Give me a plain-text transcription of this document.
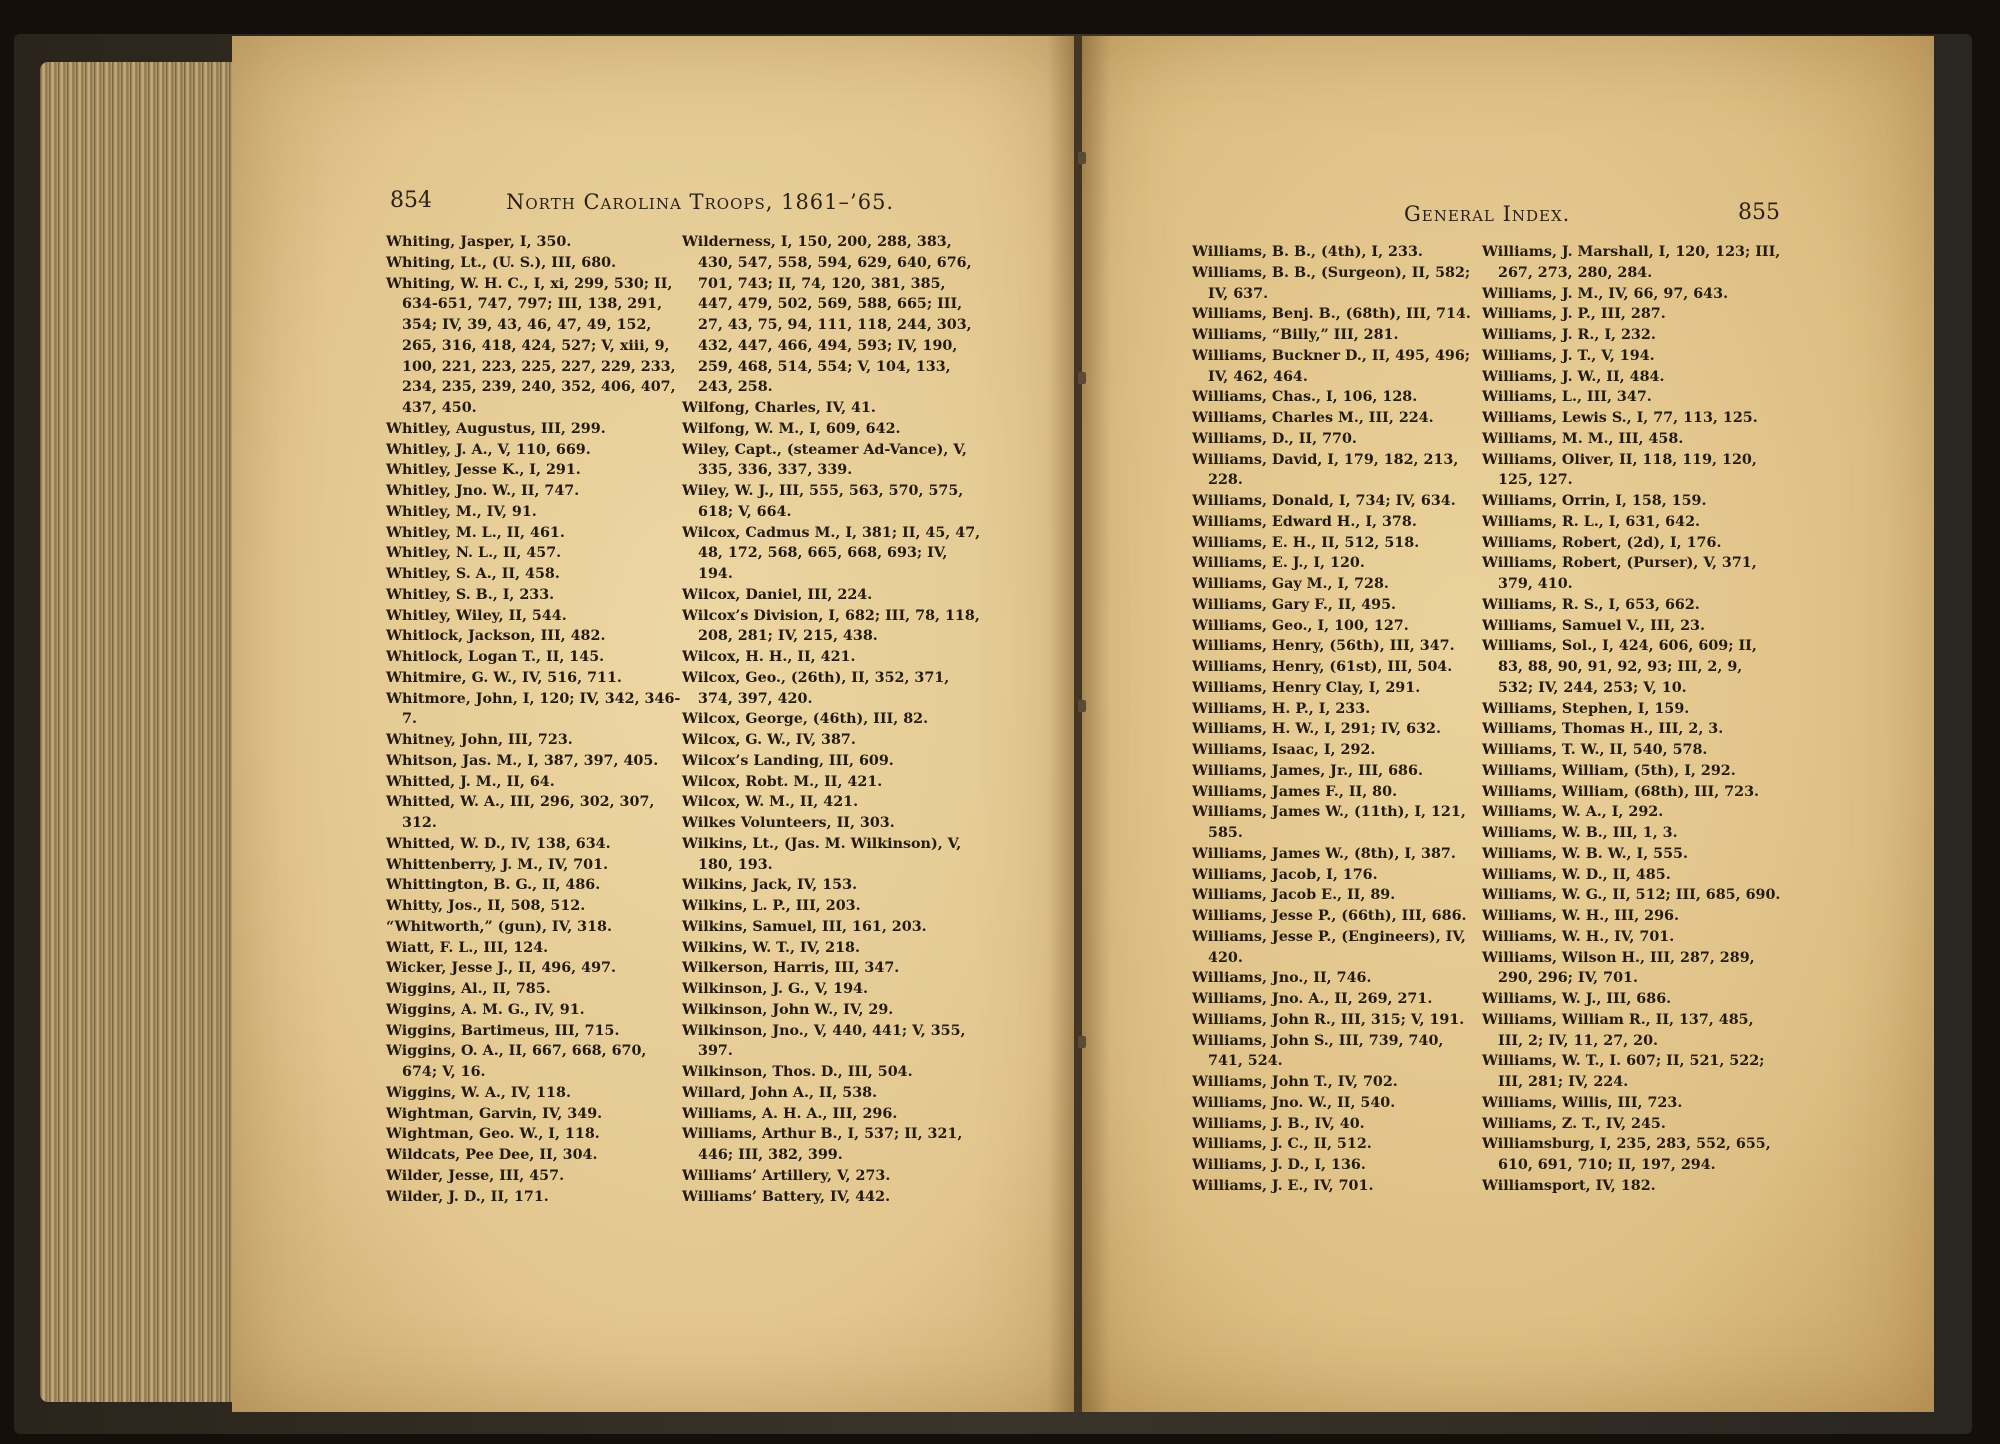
854	North Carolina Troops, 1861–’65.	General Index.	855
Whiting, Jasper, I, 350.
Whiting, Lt., (U. S.), III, 680.
Whiting, W. H. C., I, xi, 299, 530; II, 634-651, 747, 797; III, 138, 291, 354; IV, 39, 43, 46, 47, 49, 152, 265, 316, 418, 424, 527; V, xiii, 9, 100, 221, 223, 225, 227, 229, 233, 234, 235, 239, 240, 352, 406, 407, 437, 450.
Whitley, Augustus, III, 299.
Whitley, J. A., V, 110, 669.
Whitley, Jesse K., I, 291.
Whitley, Jno. W., II, 747.
Whitley, M., IV, 91.
Whitley, M. L., II, 461.
Whitley, N. L., II, 457.
Whitley, S. A., II, 458.
Whitley, S. B., I, 233.
Whitley, Wiley, II, 544.
Whitlock, Jackson, III, 482.
Whitlock, Logan T., II, 145.
Whitmire, G. W., IV, 516, 711.
Whitmore, John, I, 120; IV, 342, 346-7.
Whitney, John, III, 723.
Whitson, Jas. M., I, 387, 397, 405.
Whitted, J. M., II, 64.
Whitted, W. A., III, 296, 302, 307, 312.
Whitted, W. D., IV, 138, 634.
Whittenberry, J. M., IV, 701.
Whittington, B. G., II, 486.
Whitty, Jos., II, 508, 512.
“Whitworth,” (gun), IV, 318.
Wiatt, F. L., III, 124.
Wicker, Jesse J., II, 496, 497.
Wiggins, Al., II, 785.
Wiggins, A. M. G., IV, 91.
Wiggins, Bartimeus, III, 715.
Wiggins, O. A., II, 667, 668, 670, 674; V, 16.
Wiggins, W. A., IV, 118.
Wightman, Garvin, IV, 349.
Wightman, Geo. W., I, 118.
Wildcats, Pee Dee, II, 304.
Wilder, Jesse, III, 457.
Wilder, J. D., II, 171.
Wilderness, I, 150, 200, 288, 383, 430, 547, 558, 594, 629, 640, 676, 701, 743; II, 74, 120, 381, 385, 447, 479, 502, 569, 588, 665; III, 27, 43, 75, 94, 111, 118, 244, 303, 432, 447, 466, 494, 593; IV, 190, 259, 468, 514, 554; V, 104, 133, 243, 258.
Wilfong, Charles, IV, 41.
Wilfong, W. M., I, 609, 642.
Wiley, Capt., (steamer Ad-Vance), V, 335, 336, 337, 339.
Wiley, W. J., III, 555, 563, 570, 575, 618; V, 664.
Wilcox, Cadmus M., I, 381; II, 45, 47, 48, 172, 568, 665, 668, 693; IV, 194.
Wilcox, Daniel, III, 224.
Wilcox’s Division, I, 682; III, 78, 118, 208, 281; IV, 215, 438.
Wilcox, H. H., II, 421.
Wilcox, Geo., (26th), II, 352, 371, 374, 397, 420.
Wilcox, George, (46th), III, 82.
Wilcox, G. W., IV, 387.
Wilcox’s Landing, III, 609.
Wilcox, Robt. M., II, 421.
Wilcox, W. M., II, 421.
Wilkes Volunteers, II, 303.
Wilkins, Lt., (Jas. M. Wilkinson), V, 180, 193.
Wilkins, Jack, IV, 153.
Wilkins, L. P., III, 203.
Wilkins, Samuel, III, 161, 203.
Wilkins, W. T., IV, 218.
Wilkerson, Harris, III, 347.
Wilkinson, J. G., V, 194.
Wilkinson, John W., IV, 29.
Wilkinson, Jno., V, 440, 441; V, 355, 397.
Wilkinson, Thos. D., III, 504.
Willard, John A., II, 538.
Williams, A. H. A., III, 296.
Williams, Arthur B., I, 537; II, 321, 446; III, 382, 399.
Williams’ Artillery, V, 273.
Williams’ Battery, IV, 442.
Williams, B. B., (4th), I, 233.
Williams, B. B., (Surgeon), II, 582; IV, 637.
Williams, Benj. B., (68th), III, 714.
Williams, “Billy,” III, 281.
Williams, Buckner D., II, 495, 496; IV, 462, 464.
Williams, Chas., I, 106, 128.
Williams, Charles M., III, 224.
Williams, D., II, 770.
Williams, David, I, 179, 182, 213, 228.
Williams, Donald, I, 734; IV, 634.
Williams, Edward H., I, 378.
Williams, E. H., II, 512, 518.
Williams, E. J., I, 120.
Williams, Gay M., I, 728.
Williams, Gary F., II, 495.
Williams, Geo., I, 100, 127.
Williams, Henry, (56th), III, 347.
Williams, Henry, (61st), III, 504.
Williams, Henry Clay, I, 291.
Williams, H. P., I, 233.
Williams, H. W., I, 291; IV, 632.
Williams, Isaac, I, 292.
Williams, James, Jr., III, 686.
Williams, James F., II, 80.
Williams, James W., (11th), I, 121, 585.
Williams, James W., (8th), I, 387.
Williams, Jacob, I, 176.
Williams, Jacob E., II, 89.
Williams, Jesse P., (66th), III, 686.
Williams, Jesse P., (Engineers), IV, 420.
Williams, Jno., II, 746.
Williams, Jno. A., II, 269, 271.
Williams, John R., III, 315; V, 191.
Williams, John S., III, 739, 740, 741, 524.
Williams, John T., IV, 702.
Williams, Jno. W., II, 540.
Williams, J. B., IV, 40.
Williams, J. C., II, 512.
Williams, J. D., I, 136.
Williams, J. E., IV, 701.
Williams, J. Marshall, I, 120, 123; III, 267, 273, 280, 284.
Williams, J. M., IV, 66, 97, 643.
Williams, J. P., III, 287.
Williams, J. R., I, 232.
Williams, J. T., V, 194.
Williams, J. W., II, 484.
Williams, L., III, 347.
Williams, Lewis S., I, 77, 113, 125.
Williams, M. M., III, 458.
Williams, Oliver, II, 118, 119, 120, 125, 127.
Williams, Orrin, I, 158, 159.
Williams, R. L., I, 631, 642.
Williams, Robert, (2d), I, 176.
Williams, Robert, (Purser), V, 371, 379, 410.
Williams, R. S., I, 653, 662.
Williams, Samuel V., III, 23.
Williams, Sol., I, 424, 606, 609; II, 83, 88, 90, 91, 92, 93; III, 2, 9, 532; IV, 244, 253; V, 10.
Williams, Stephen, I, 159.
Williams, Thomas H., III, 2, 3.
Williams, T. W., II, 540, 578.
Williams, William, (5th), I, 292.
Williams, William, (68th), III, 723.
Williams, W. A., I, 292.
Williams, W. B., III, 1, 3.
Williams, W. B. W., I, 555.
Williams, W. D., II, 485.
Williams, W. G., II, 512; III, 685, 690.
Williams, W. H., III, 296.
Williams, W. H., IV, 701.
Williams, Wilson H., III, 287, 289, 290, 296; IV, 701.
Williams, W. J., III, 686.
Williams, William R., II, 137, 485, III, 2; IV, 11, 27, 20.
Williams, W. T., I. 607; II, 521, 522; III, 281; IV, 224.
Williams, Willis, III, 723.
Williams, Z. T., IV, 245.
Williamsburg, I, 235, 283, 552, 655, 610, 691, 710; II, 197, 294.
Williamsport, IV, 182.
